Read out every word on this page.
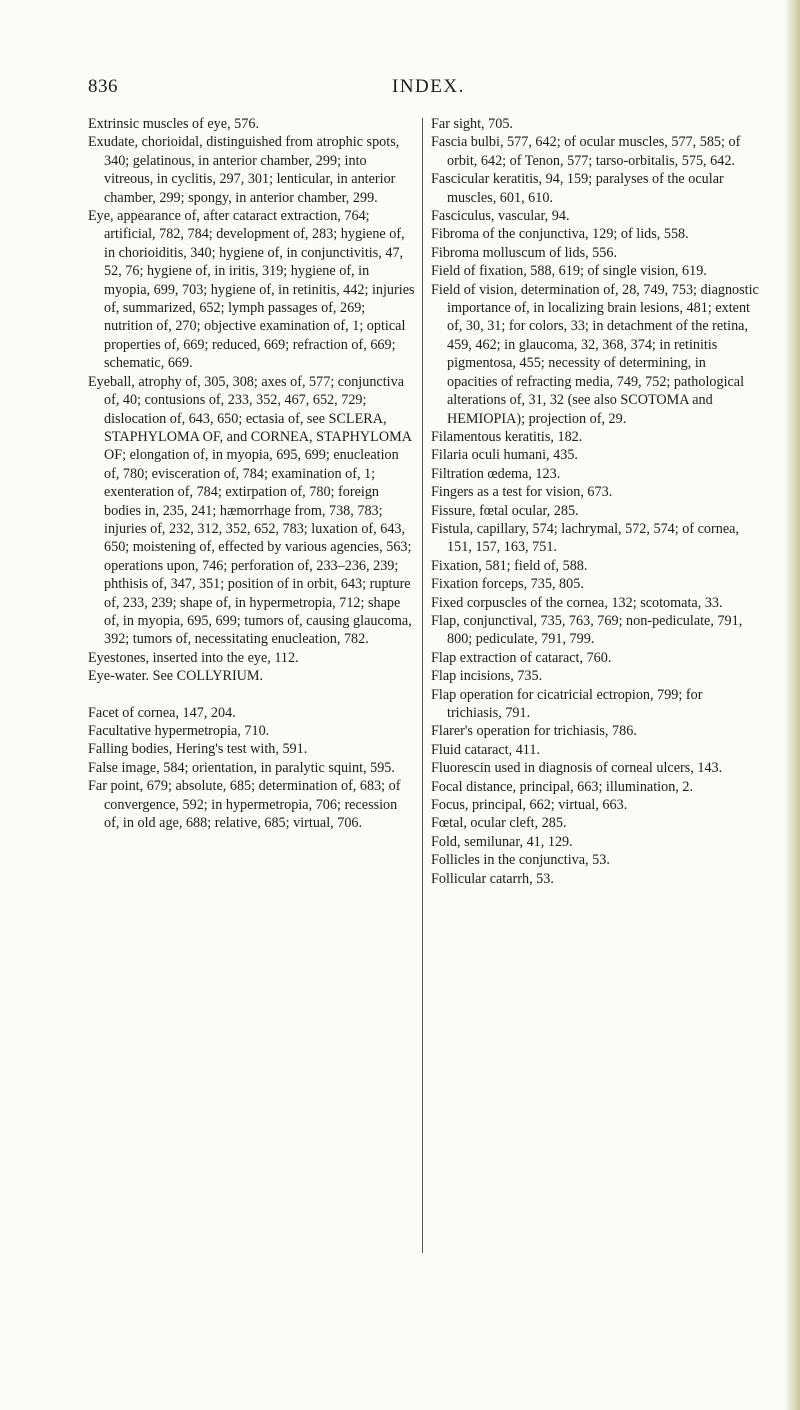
836	INDEX.

Extrinsic muscles of eye, 576.

Exudate, chorioidal, distinguished from atrophic spots, 340; gelatinous, in anterior chamber, 299; into vitreous, in cyclitis, 297, 301; lenticular, in anterior chamber, 299; spongy, in anterior chamber, 299.

Eye, appearance of, after cataract extraction, 764; artificial, 782, 784; development of, 283; hygiene of, in chorioiditis, 340; hygiene of, in conjunctivitis, 47, 52, 76; hygiene of, in iritis, 319; hygiene of, in myopia, 699, 703; hygiene of, in retinitis, 442; injuries of, summarized, 652; lymph passages of, 269; nutrition of, 270; objective examination of, 1; optical properties of, 669; reduced, 669; refraction of, 669; schematic, 669.

Eyeball, atrophy of, 305, 308; axes of, 577; conjunctiva of, 40; contusions of, 233, 352, 467, 652, 729; dislocation of, 643, 650; ectasia of, see SCLERA, STAPHYLOMA OF, and CORNEA, STAPHYLOMA OF; elongation of, in myopia, 695, 699; enucleation of, 780; evisceration of, 784; examination of, 1; exenteration of, 784; extirpation of, 780; foreign bodies in, 235, 241; hæmorrhage from, 738, 783; injuries of, 232, 312, 352, 652, 783; luxation of, 643, 650; moistening of, effected by various agencies, 563; operations upon, 746; perforation of, 233–236, 239; phthisis of, 347, 351; position of in orbit, 643; rupture of, 233, 239; shape of, in hypermetropia, 712; shape of, in myopia, 695, 699; tumors of, causing glaucoma, 392; tumors of, necessitating enucleation, 782.

Eyestones, inserted into the eye, 112.

Eye-water. See COLLYRIUM.

Facet of cornea, 147, 204.

Facultative hypermetropia, 710.

Falling bodies, Hering's test with, 591.

False image, 584; orientation, in paralytic squint, 595.

Far point, 679; absolute, 685; determination of, 683; of convergence, 592; in hypermetropia, 706; recession of, in old age, 688; relative, 685; virtual, 706.

Far sight, 705.

Fascia bulbi, 577, 642; of ocular muscles, 577, 585; of orbit, 642; of Tenon, 577; tarso-orbitalis, 575, 642.

Fascicular keratitis, 94, 159; paralyses of the ocular muscles, 601, 610.

Fasciculus, vascular, 94.

Fibroma of the conjunctiva, 129; of lids, 558.

Fibroma molluscum of lids, 556.

Field of fixation, 588, 619; of single vision, 619.

Field of vision, determination of, 28, 749, 753; diagnostic importance of, in localizing brain lesions, 481; extent of, 30, 31; for colors, 33; in detachment of the retina, 459, 462; in glaucoma, 32, 368, 374; in retinitis pigmentosa, 455; necessity of determining, in opacities of refracting media, 749, 752; pathological alterations of, 31, 32 (see also SCOTOMA and HEMIOPIA); projection of, 29.

Filamentous keratitis, 182.

Filaria oculi humani, 435.

Filtration œdema, 123.

Fingers as a test for vision, 673.

Fissure, fœtal ocular, 285.

Fistula, capillary, 574; lachrymal, 572, 574; of cornea, 151, 157, 163, 751.

Fixation, 581; field of, 588.

Fixation forceps, 735, 805.

Fixed corpuscles of the cornea, 132; scotomata, 33.

Flap, conjunctival, 735, 763, 769; non-pediculate, 791, 800; pediculate, 791, 799.

Flap extraction of cataract, 760.

Flap incisions, 735.

Flap operation for cicatricial ectropion, 799; for trichiasis, 791.

Flarer's operation for trichiasis, 786.

Fluid cataract, 411.

Fluorescin used in diagnosis of corneal ulcers, 143.

Focal distance, principal, 663; illumination, 2.

Focus, principal, 662; virtual, 663.

Fœtal, ocular cleft, 285.

Fold, semilunar, 41, 129.

Follicles in the conjunctiva, 53.

Follicular catarrh, 53.
